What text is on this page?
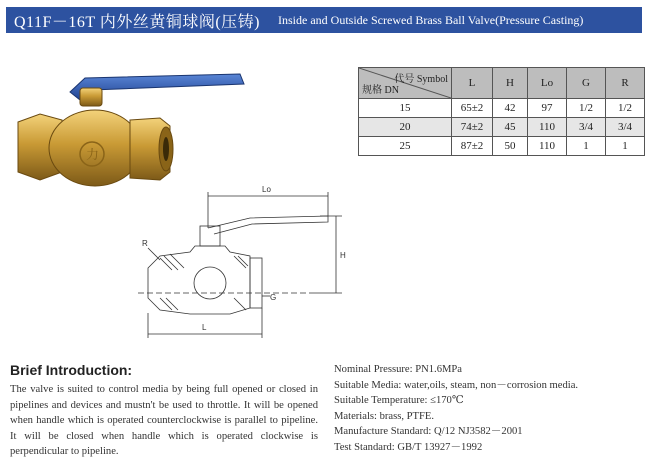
Q11F－16T 内外丝黄铜球阀(压铸) Inside and Outside Screwed Brass Ball Valve(Pressure Casting)
力
代号 Symbol
规格 DN	L	H	Lo	G	R
15	65±2	42	97	1/2	1/2
20	74±2	45	110	3/4	3/4
25	87±2	50	110	1	1
Lo
H
R
G
L
Brief Introduction:
The valve is suited to control media by being full opened or closed in pipelines and devices and mustn't be used to throttle. It will be opened when handle which is operated counterclockwise is parallel to pipeline. It will be closed when handle which is operated clockwise is perpendicular to pipeline.
Nominal Pressure: PN1.6MPa
Suitable Media: water,oils, steam, non－corrosion media.
Suitable Temperature: ≤170℃
Materials: brass, PTFE.
Manufacture Standard: Q/12 NJ3582－2001
Test Standard: GB/T 13927－1992
